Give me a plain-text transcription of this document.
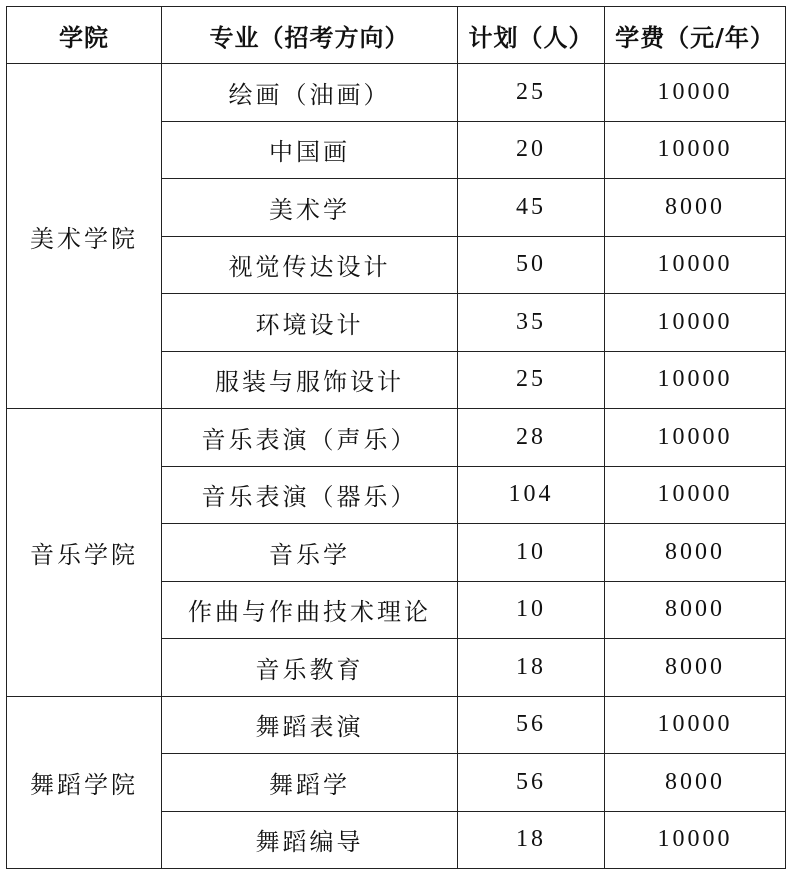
学院	专业（招考方向）	计划（人）	学费（元/年）
美术学院	绘画（油画）	25	10000
	中国画	20	10000
	美术学	45	8000
	视觉传达设计	50	10000
	环境设计	35	10000
	服装与服饰设计	25	10000
音乐学院	音乐表演（声乐）	28	10000
	音乐表演（器乐）	104	10000
	音乐学	10	8000
	作曲与作曲技术理论	10	8000
	音乐教育	18	8000
舞蹈学院	舞蹈表演	56	10000
	舞蹈学	56	8000
	舞蹈编导	18	10000
